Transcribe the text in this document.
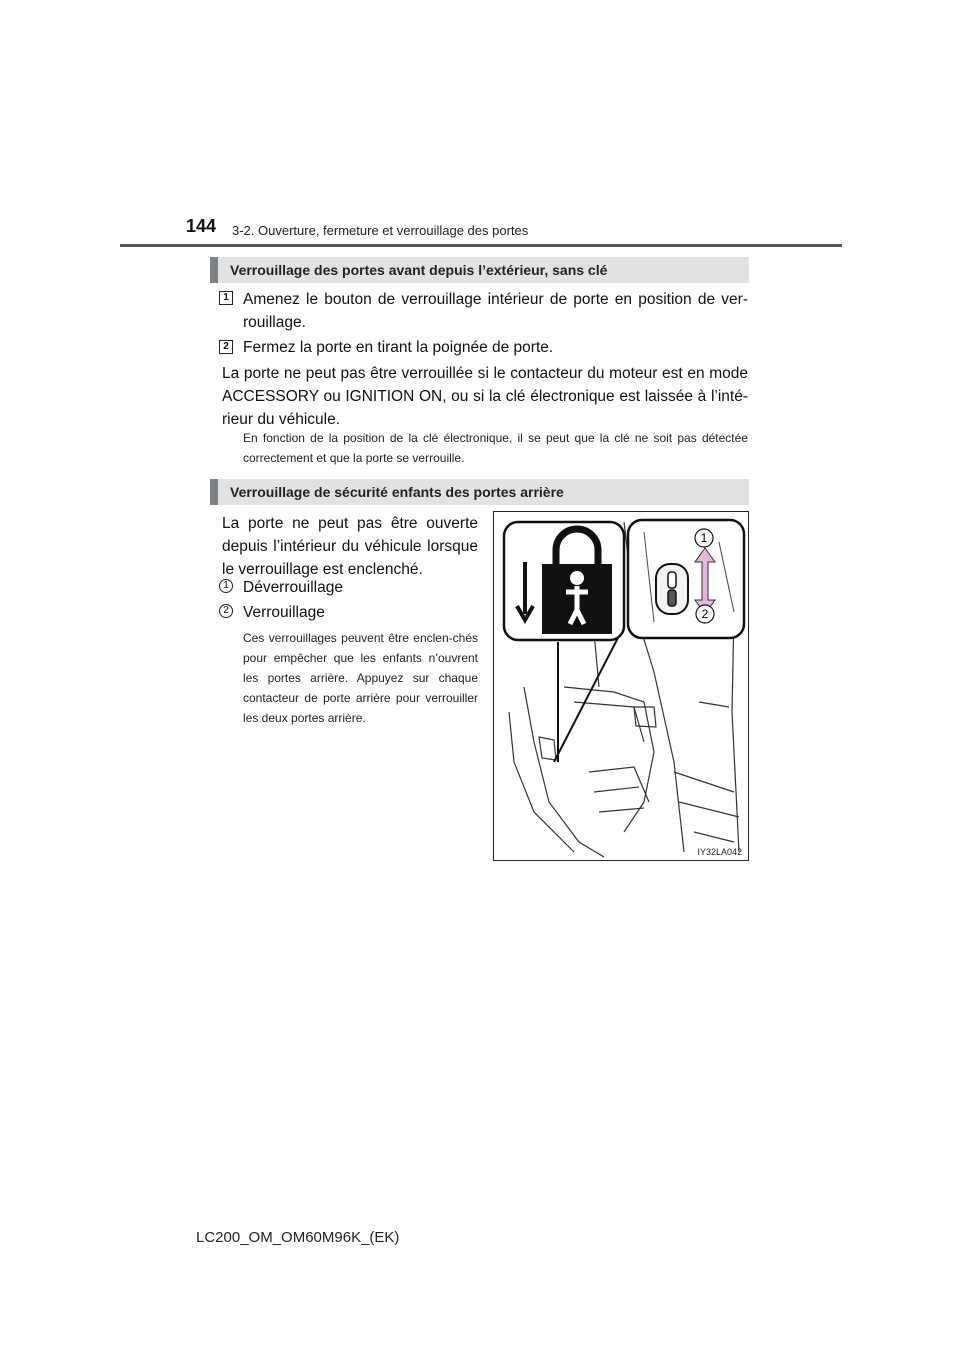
144 3-2. Ouverture, fermeture et verrouillage des portes
Verrouillage des portes avant depuis l’extérieur, sans clé
1 Amenez le bouton de verrouillage intérieur de porte en position de ver-rouillage.
2 Fermez la porte en tirant la poignée de porte.
La porte ne peut pas être verrouillée si le contacteur du moteur est en mode ACCESSORY ou IGNITION ON, ou si la clé électronique est laissée à l’inté-rieur du véhicule.
En fonction de la position de la clé électronique, il se peut que la clé ne soit pas détectée correctement et que la porte se verrouille.
Verrouillage de sécurité enfants des portes arrière
La porte ne peut pas être ouverte depuis l’intérieur du véhicule lorsque le verrouillage est enclenché.
1 Déverrouillage
2 Verrouillage
Ces verrouillages peuvent être enclen-chés pour empêcher que les enfants n’ouvrent les portes arrière. Appuyez sur chaque contacteur de porte arrière pour verrouiller les deux portes arrière.
1
2
IY32LA042
LC200_OM_OM60M96K_(EK)
